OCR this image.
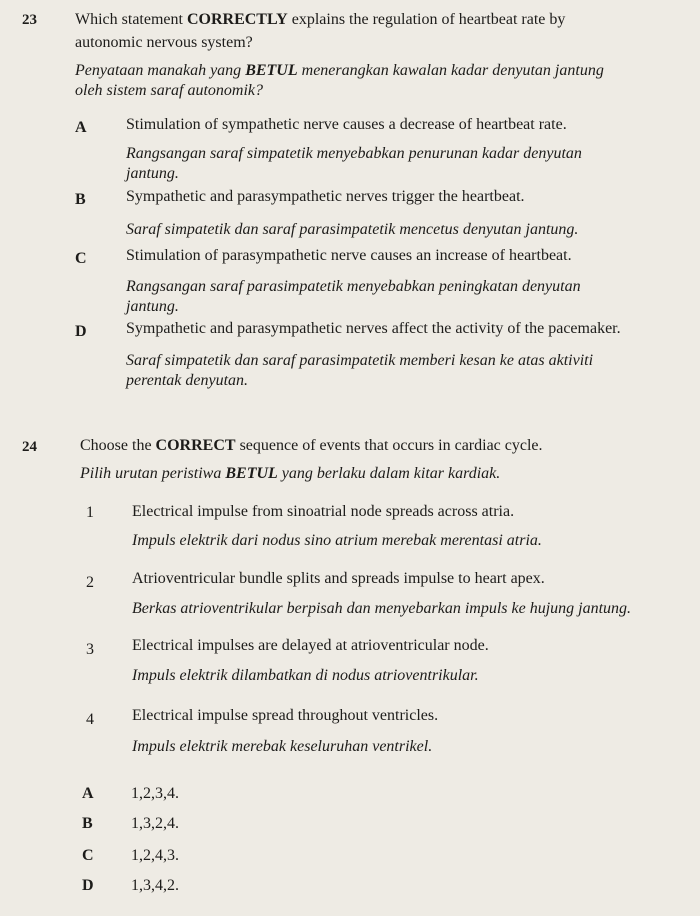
23 Which statement CORRECTLY explains the regulation of heartbeat rate by
autonomic nervous system?
Penyataan manakah yang BETUL menerangkan kawalan kadar denyutan jantung
oleh sistem saraf autonomik?
A Stimulation of sympathetic nerve causes a decrease of heartbeat rate.
Rangsangan saraf simpatetik menyebabkan penurunan kadar denyutan
jantung.
B	Sympathetic and parasympathetic nerves trigger the heartbeat.
Saraf simpatetik dan saraf parasimpatetik mencetus denyutan jantung.
C Stimulation of parasympathetic nerve causes an increase of heartbeat.
Rangsangan saraf parasimpatetik menyebabkan peningkatan denyutan
jantung.
D Sympathetic and parasympathetic nerves affect the activity of the pacemaker.
Saraf simpatetik dan saraf parasimpatetik memberi kesan ke atas aktiviti
perentak denyutan.
24	Choose the CORRECT sequence of events that occurs in cardiac cycle.
Pilih urutan peristiwa BETUL yang berlaku dalam kitar kardiak.
1 Electrical impulse from sinoatrial node spreads across atria.
Impuls elektrik dari nodus sino atrium merebak merentasi atria.
2 Atrioventricular bundle splits and spreads impulse to heart apex.
Berkas atrioventrikular berpisah dan menyebarkan impuls ke hujung jantung.
3 Electrical impulses are delayed at atrioventricular node.
Impuls elektrik dilambatkan di nodus atrioventrikular.
4 Electrical impulse spread throughout ventricles.
Impuls elektrik merebak keseluruhan ventrikel.
A 1,2,3,4.
B 1,3,2,4.
C 1,2,4,3.
D 1,3,4,2.
